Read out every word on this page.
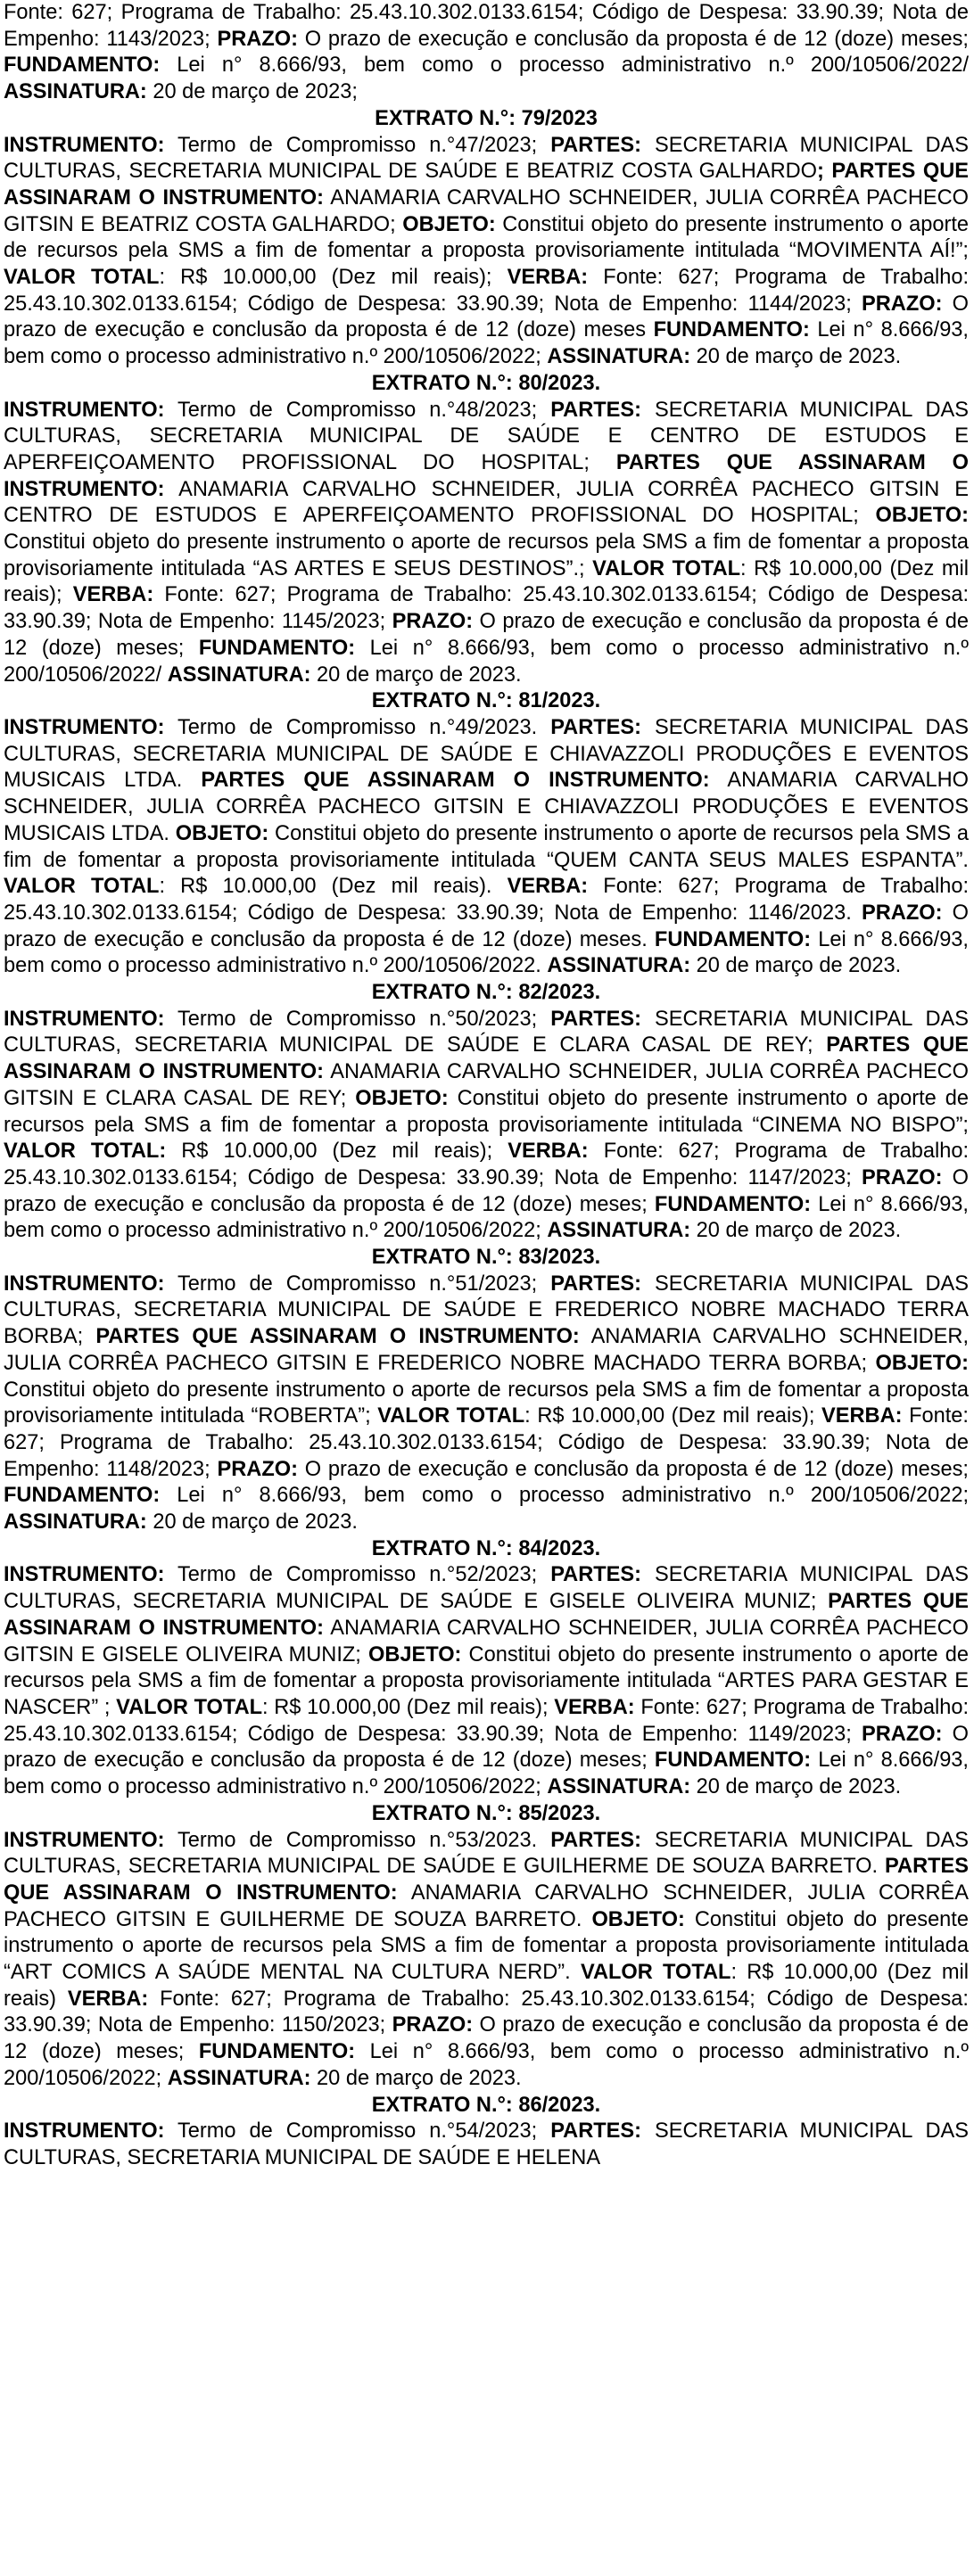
Fonte: 627; Programa de Trabalho: 25.43.10.302.0133.6154; Código de Despesa: 33.90.39; Nota de Empenho: 1143/2023; PRAZO: O prazo de execução e conclusão da proposta é de 12 (doze) meses; FUNDAMENTO: Lei n° 8.666/93, bem como o processo administrativo n.º 200/10506/2022/ ASSINATURA: 20 de março de 2023;

EXTRATO N.°: 79/2023

INSTRUMENTO: Termo de Compromisso n.°47/2023; PARTES: SECRETARIA MUNICIPAL DAS CULTURAS, SECRETARIA MUNICIPAL DE SAÚDE E BEATRIZ COSTA GALHARDO; PARTES QUE ASSINARAM O INSTRUMENTO: ANAMARIA CARVALHO SCHNEIDER, JULIA CORRÊA PACHECO GITSIN E BEATRIZ COSTA GALHARDO; OBJETO: Constitui objeto do presente instrumento o aporte de recursos pela SMS a fim de fomentar a proposta provisoriamente intitulada “MOVIMENTA AÍ!”; VALOR TOTAL: R$ 10.000,00 (Dez mil reais); VERBA: Fonte: 627; Programa de Trabalho: 25.43.10.302.0133.6154; Código de Despesa: 33.90.39; Nota de Empenho: 1144/2023; PRAZO: O prazo de execução e conclusão da proposta é de 12 (doze) meses FUNDAMENTO: Lei n° 8.666/93, bem como o processo administrativo n.º 200/10506/2022; ASSINATURA: 20 de março de 2023.

EXTRATO N.°: 80/2023.

INSTRUMENTO: Termo de Compromisso n.°48/2023; PARTES: SECRETARIA MUNICIPAL DAS CULTURAS, SECRETARIA MUNICIPAL DE SAÚDE E CENTRO DE ESTUDOS E APERFEIÇOAMENTO PROFISSIONAL DO HOSPITAL; PARTES QUE ASSINARAM O INSTRUMENTO: ANAMARIA CARVALHO SCHNEIDER, JULIA CORRÊA PACHECO GITSIN E CENTRO DE ESTUDOS E APERFEIÇOAMENTO PROFISSIONAL DO HOSPITAL; OBJETO: Constitui objeto do presente instrumento o aporte de recursos pela SMS a fim de fomentar a proposta provisoriamente intitulada “AS ARTES E SEUS DESTINOS”.; VALOR TOTAL: R$ 10.000,00 (Dez mil reais); VERBA: Fonte: 627; Programa de Trabalho: 25.43.10.302.0133.6154; Código de Despesa: 33.90.39; Nota de Empenho: 1145/2023; PRAZO: O prazo de execução e conclusão da proposta é de 12 (doze) meses; FUNDAMENTO: Lei n° 8.666/93, bem como o processo administrativo n.º 200/10506/2022/ ASSINATURA: 20 de março de 2023.

EXTRATO N.°: 81/2023.

INSTRUMENTO: Termo de Compromisso n.°49/2023. PARTES: SECRETARIA MUNICIPAL DAS CULTURAS, SECRETARIA MUNICIPAL DE SAÚDE E CHIAVAZZOLI PRODUÇÕES E EVENTOS MUSICAIS LTDA. PARTES QUE ASSINARAM O INSTRUMENTO: ANAMARIA CARVALHO SCHNEIDER, JULIA CORRÊA PACHECO GITSIN E CHIAVAZZOLI PRODUÇÕES E EVENTOS MUSICAIS LTDA. OBJETO: Constitui objeto do presente instrumento o aporte de recursos pela SMS a fim de fomentar a proposta provisoriamente intitulada “QUEM CANTA SEUS MALES ESPANTA”. VALOR TOTAL: R$ 10.000,00 (Dez mil reais). VERBA: Fonte: 627; Programa de Trabalho: 25.43.10.302.0133.6154; Código de Despesa: 33.90.39; Nota de Empenho: 1146/2023. PRAZO: O prazo de execução e conclusão da proposta é de 12 (doze) meses. FUNDAMENTO: Lei n° 8.666/93, bem como o processo administrativo n.º 200/10506/2022. ASSINATURA: 20 de março de 2023.

EXTRATO N.°: 82/2023.

INSTRUMENTO: Termo de Compromisso n.°50/2023; PARTES: SECRETARIA MUNICIPAL DAS CULTURAS, SECRETARIA MUNICIPAL DE SAÚDE E CLARA CASAL DE REY; PARTES QUE ASSINARAM O INSTRUMENTO: ANAMARIA CARVALHO SCHNEIDER, JULIA CORRÊA PACHECO GITSIN E CLARA CASAL DE REY; OBJETO: Constitui objeto do presente instrumento o aporte de recursos pela SMS a fim de fomentar a proposta provisoriamente intitulada “CINEMA NO BISPO”; VALOR TOTAL: R$ 10.000,00 (Dez mil reais); VERBA: Fonte: 627; Programa de Trabalho: 25.43.10.302.0133.6154; Código de Despesa: 33.90.39; Nota de Empenho: 1147/2023; PRAZO: O prazo de execução e conclusão da proposta é de 12 (doze) meses; FUNDAMENTO: Lei n° 8.666/93, bem como o processo administrativo n.º 200/10506/2022; ASSINATURA: 20 de março de 2023.

EXTRATO N.°: 83/2023.

INSTRUMENTO: Termo de Compromisso n.°51/2023; PARTES: SECRETARIA MUNICIPAL DAS CULTURAS, SECRETARIA MUNICIPAL DE SAÚDE E FREDERICO NOBRE MACHADO TERRA BORBA; PARTES QUE ASSINARAM O INSTRUMENTO: ANAMARIA CARVALHO SCHNEIDER, JULIA CORRÊA PACHECO GITSIN E FREDERICO NOBRE MACHADO TERRA BORBA; OBJETO: Constitui objeto do presente instrumento o aporte de recursos pela SMS a fim de fomentar a proposta provisoriamente intitulada “ROBERTA”; VALOR TOTAL: R$ 10.000,00 (Dez mil reais); VERBA: Fonte: 627; Programa de Trabalho: 25.43.10.302.0133.6154; Código de Despesa: 33.90.39; Nota de Empenho: 1148/2023; PRAZO: O prazo de execução e conclusão da proposta é de 12 (doze) meses; FUNDAMENTO: Lei n° 8.666/93, bem como o processo administrativo n.º 200/10506/2022; ASSINATURA: 20 de março de 2023.

EXTRATO N.°: 84/2023.

INSTRUMENTO: Termo de Compromisso n.°52/2023; PARTES: SECRETARIA MUNICIPAL DAS CULTURAS, SECRETARIA MUNICIPAL DE SAÚDE E GISELE OLIVEIRA MUNIZ; PARTES QUE ASSINARAM O INSTRUMENTO: ANAMARIA CARVALHO SCHNEIDER, JULIA CORRÊA PACHECO GITSIN E GISELE OLIVEIRA MUNIZ; OBJETO: Constitui objeto do presente instrumento o aporte de recursos pela SMS a fim de fomentar a proposta provisoriamente intitulada “ARTES PARA GESTAR E NASCER” ; VALOR TOTAL: R$ 10.000,00 (Dez mil reais); VERBA: Fonte: 627; Programa de Trabalho: 25.43.10.302.0133.6154; Código de Despesa: 33.90.39; Nota de Empenho: 1149/2023; PRAZO: O prazo de execução e conclusão da proposta é de 12 (doze) meses; FUNDAMENTO: Lei n° 8.666/93, bem como o processo administrativo n.º 200/10506/2022; ASSINATURA: 20 de março de 2023.

EXTRATO N.°: 85/2023.

INSTRUMENTO: Termo de Compromisso n.°53/2023. PARTES: SECRETARIA MUNICIPAL DAS CULTURAS, SECRETARIA MUNICIPAL DE SAÚDE E GUILHERME DE SOUZA BARRETO. PARTES QUE ASSINARAM O INSTRUMENTO: ANAMARIA CARVALHO SCHNEIDER, JULIA CORRÊA PACHECO GITSIN E GUILHERME DE SOUZA BARRETO. OBJETO: Constitui objeto do presente instrumento o aporte de recursos pela SMS a fim de fomentar a proposta provisoriamente intitulada “ART COMICS A SAÚDE MENTAL NA CULTURA NERD”. VALOR TOTAL: R$ 10.000,00 (Dez mil reais) VERBA: Fonte: 627; Programa de Trabalho: 25.43.10.302.0133.6154; Código de Despesa: 33.90.39; Nota de Empenho: 1150/2023; PRAZO: O prazo de execução e conclusão da proposta é de 12 (doze) meses; FUNDAMENTO: Lei n° 8.666/93, bem como o processo administrativo n.º 200/10506/2022; ASSINATURA: 20 de março de 2023.

EXTRATO N.°: 86/2023.

INSTRUMENTO: Termo de Compromisso n.°54/2023; PARTES: SECRETARIA MUNICIPAL DAS CULTURAS, SECRETARIA MUNICIPAL DE SAÚDE E HELENA
